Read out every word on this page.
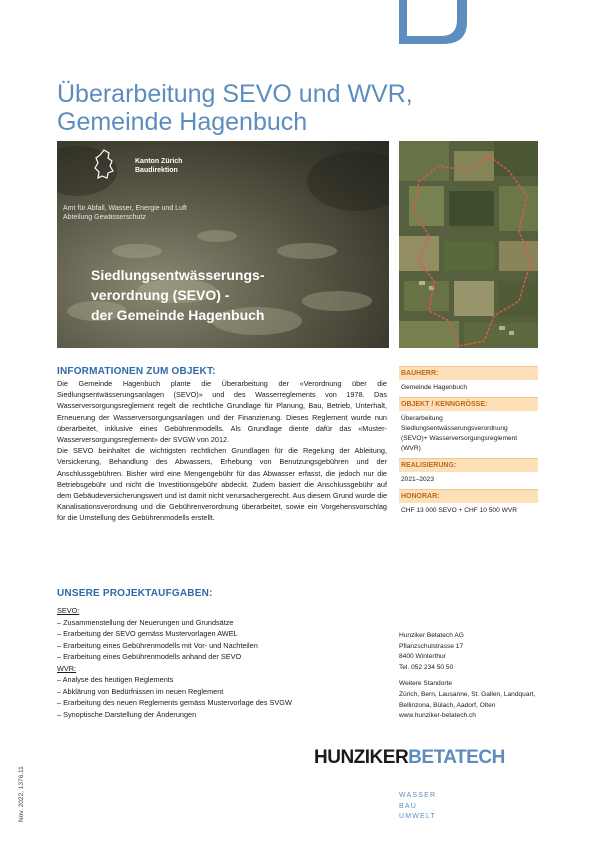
Überarbeitung SEVO und WVR,
Gemeinde Hagenbuch
Kanton Zürich
Baudirektion
Amt für Abfall, Wasser, Energie und Luft
Abteilung Gewässerschutz
Siedlungsentwässerungs-
verordnung (SEVO) -
der Gemeinde Hagenbuch
INFORMATIONEN ZUM OBJEKT:
Die Gemeinde Hagenbuch plante die Überarbeitung der «Verordnung über die Siedlungsentwässerungsanlagen (SEVO)» und des Wasserreglements von 1978. Das Wasserversorgungsreglement regelt die rechtliche Grundlage für Planung, Bau, Betrieb, Unterhalt, Erneuerung der Wasserversorgungsanlagen und der Finanzierung. Dieses Reglement wurde nun überarbeitet, inklusive eines Gebührenmodells. Als Grundlage diente dafür das «Muster-Wasserversorgungsreglement» der SVGW von 2012.
Die SEVO beinhaltet die wichtigsten rechtlichen Grundlagen für die Regelung der Ableitung, Versickerung, Behandlung des Abwassers, Erhebung von Benutzungsgebühren und der Anschlussgebühren. Bisher wird eine Mengengebühr für das Abwasser erfasst, die jedoch nur die Betriebsgebühr und nicht die Investitionsgebühr abdeckt. Zudem basiert die Anschlussgebühr auf dem Gebäudeversicherungswert und ist damit nicht verursachergerecht. Aus diesem Grund wurde die Kanalisationsverordnung und die Gebührenverordnung überarbeitet, sowie ein Vorgehensvorschlag für die Umstellung des Gebührenmodells erstellt.
BAUHERR:
Gemeinde Hagenbuch
OBJEKT / KENNGRÖSSE:
Überarbeitung Siedlungsentwässerungsverordnung (SEVO)+ Wasserversorgungsreglement (WVR)
REALISIERUNG:
2021–2023
HONORAR:
CHF 13 000 SEVO + CHF 10 500 WVR
UNSERE PROJEKTAUFGABEN:
SEVO:
– Zusammenstellung der Neuerungen und Grundsätze
– Erarbeitung der SEVO gemäss Mustervorlagen AWEL
– Erarbeitung eines Gebührenmodells mit Vor- und Nachteilen
– Erarbeitung eines Gebührenmodells anhand der SEVO
WVR:
– Analyse des heutigen Reglements
– Abklärung von Bedürfnissen im neuen Reglement
– Erarbeitung des neuen Reglements gemäss Mustervorlage des SVGW
– Synoptische Darstellung der Änderungen
Hunziker Betatech AG
Pflanzschulstrasse 17
8400 Winterthur
Tel. 052 234 50 50
Weitere Standorte
Zürich, Bern, Lausanne, St. Gallen, Landquart,
Bellinzona, Bülach, Aadorf, Olten
www.hunziker-betatech.ch
Nov. 2022, 1376.11
HUNZIKERBETATECH
WASSER
BAU
UMWELT
